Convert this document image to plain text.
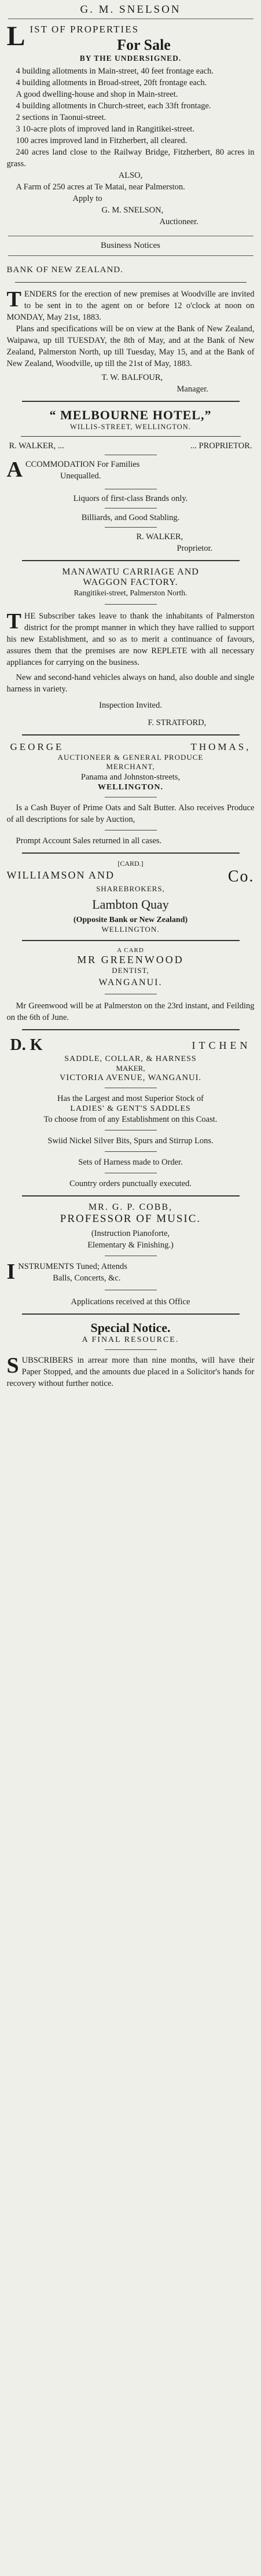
G. M. SNELSON
LIST OF PROPERTIES
For Sale
BY THE UNDERSIGNED.

4 building allotments in Main-street, 40 feet frontage each.

4 building allotments in Broad-street, 20ft frontage each.

A good dwelling-house and shop in Main-street.

4 building allotments in Church-street, each 33ft frontage.

2 sections in Taonui-street.

3 10-acre plots of improved land in Rangitikei-street.

100 acres improved land in Fitzherbert, all cleared.

240 acres land close to the Railway Bridge, Fitzherbert, 80 acres in grass.

ALSO,

A Farm of 250 acres at Te Matai, near Palmerston.

Apply to
G. M. SNELSON,
Auctioneer.
Business Notices
BANK OF NEW ZEALAND.
TENDERS for the erection of new premises at Woodville are invited to be sent in to the agent on or before 12 o'clock at noon on MONDAY, May 21st, 1883.

Plans and specifications will be on view at the Bank of New Zealand, Waipawa, up till TUESDAY, the 8th of May, and at the Bank of New Zealand, Palmerston North, up till Tuesday, May 15, and at the Bank of New Zealand, Woodville, up till the 21st of May, 1883.

T. W. BALFOUR,
Manager.
“ MELBOURNE HOTEL,”
WILLIS-STREET, WELLINGTON.
R. WALKER, ...	... PROPRIETOR.
ACCOMMODATION For Families
Unequalled.
Liquors of first-class Brands only.
Billiards, and Good Stabling.
R. WALKER,
Proprietor.
MANAWATU CARRIAGE AND
WAGGON FACTORY.
Rangitikei-street, Palmerston North.
THE Subscriber takes leave to thank the inhabitants of Palmerston district for the prompt manner in which they have rallied to support his new Establishment, and so as to merit a continuance of favours, assures them that the premises are now REPLETE with all necessary appliances for carrying on the business.

New and second-hand vehicles always on hand, also double and single harness in variety.

Inspection Invited.
F. STRATFORD,
GEORGE	THOMAS,
AUCTIONEER & GENERAL PRODUCE
MERCHANT,
Panama and Johnston-streets,
WELLINGTON.

Is a Cash Buyer of Prime Oats and Salt Butter. Also receives Produce of all descriptions for sale by Auction,

Prompt Account Sales returned in all cases.

[CARD.]
WILLIAMSON AND	Co.
SHAREBROKERS,
Lambton Quay
(Opposite Bank or New Zealand)
WELLINGTON.
A CARD
MR GREENWOOD
DENTIST,
WANGANUI.

Mr Greenwood will be at Palmerston on the 23rd instant, and Feilding on the 6th of June.

D. K	ITCHEN
SADDLE, COLLAR, & HARNESS
MAKER,
VICTORIA AVENUE, WANGANUI.
Has the Largest and most Superior Stock of
LADIES' & GENT'S SADDLES
To choose from of any Establishment on this Coast.
Swiid Nickel Silver Bits, Spurs and Stirrup Lons.
Sets of Harness made to Order.
Country orders punctually executed.
MR. G. P. COBB,
PROFESSOR OF MUSIC.
(Instruction Pianoforte,
Elementary & Finishing.)
INSTRUMENTS Tuned; Attends
Balls, Concerts, &c.
Applications received at this Office
Special Notice.
A FINAL RESOURCE.
SUBSCRIBERS in arrear more than nine months, will have their Paper Stopped, and the amounts due placed in a Solicitor's hands for recovery without further notice.
